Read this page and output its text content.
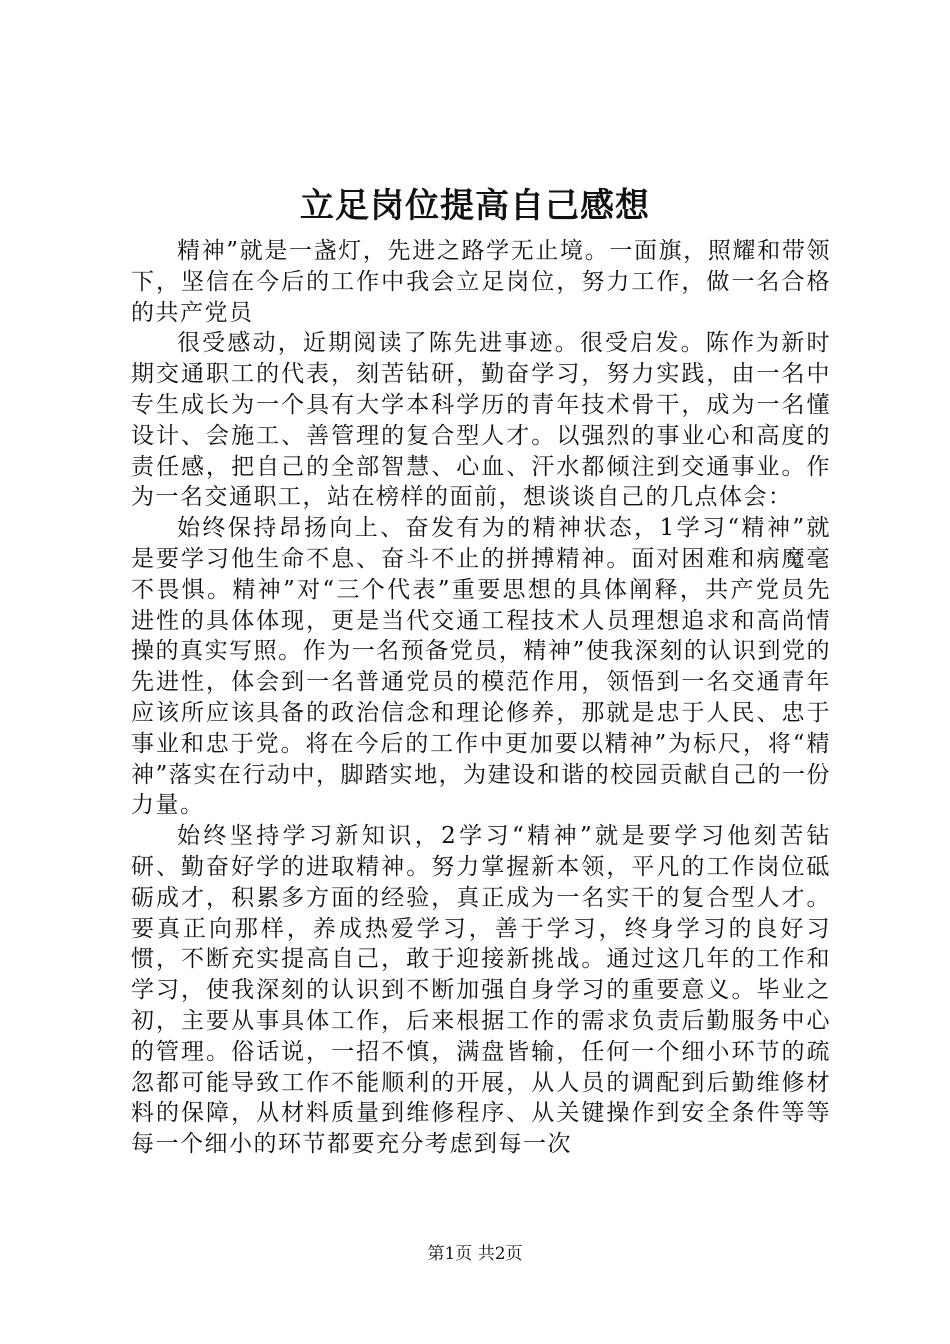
立足岗位提高自己感想

精神”就是一盏灯，先进之路学无止境。一面旗，照耀和带领下，坚信在今后的工作中我会立足岗位，努力工作，做一名合格的共产党员

很受感动，近期阅读了陈先进事迹。很受启发。陈作为新时期交通职工的代表，刻苦钻研，勤奋学习，努力实践，由一名中专生成长为一个具有大学本科学历的青年技术骨干，成为一名懂设计、会施工、善管理的复合型人才。以强烈的事业心和高度的责任感，把自己的全部智慧、心血、汗水都倾注到交通事业。作为一名交通职工，站在榜样的面前，想谈谈自己的几点体会：

始终保持昂扬向上、奋发有为的精神状态，1学习“精神”就是要学习他生命不息、奋斗不止的拼搏精神。面对困难和病魔毫不畏惧。精神”对“三个代表”重要思想的具体阐释，共产党员先进性的具体体现，更是当代交通工程技术人员理想追求和高尚情操的真实写照。作为一名预备党员，精神”使我深刻的认识到党的先进性，体会到一名普通党员的模范作用，领悟到一名交通青年应该所应该具备的政治信念和理论修养，那就是忠于人民、忠于事业和忠于党。将在今后的工作中更加要以精神”为标尺，将“精神”落实在行动中，脚踏实地，为建设和谐的校园贡献自己的一份力量。

始终坚持学习新知识，2学习“精神”就是要学习他刻苦钻研、勤奋好学的进取精神。努力掌握新本领，平凡的工作岗位砥砺成才，积累多方面的经验，真正成为一名实干的复合型人才。要真正向那样，养成热爱学习，善于学习，终身学习的良好习惯，不断充实提高自己，敢于迎接新挑战。通过这几年的工作和学习，使我深刻的认识到不断加强自身学习的重要意义。毕业之初，主要从事具体工作，后来根据工作的需求负责后勤服务中心的管理。俗话说，一招不慎，满盘皆输，任何一个细小环节的疏忽都可能导致工作不能顺利的开展，从人员的调配到后勤维修材料的保障，从材料质量到维修程序、从关键操作到安全条件等等每一个细小的环节都要充分考虑到每一次

第1页 共2页
